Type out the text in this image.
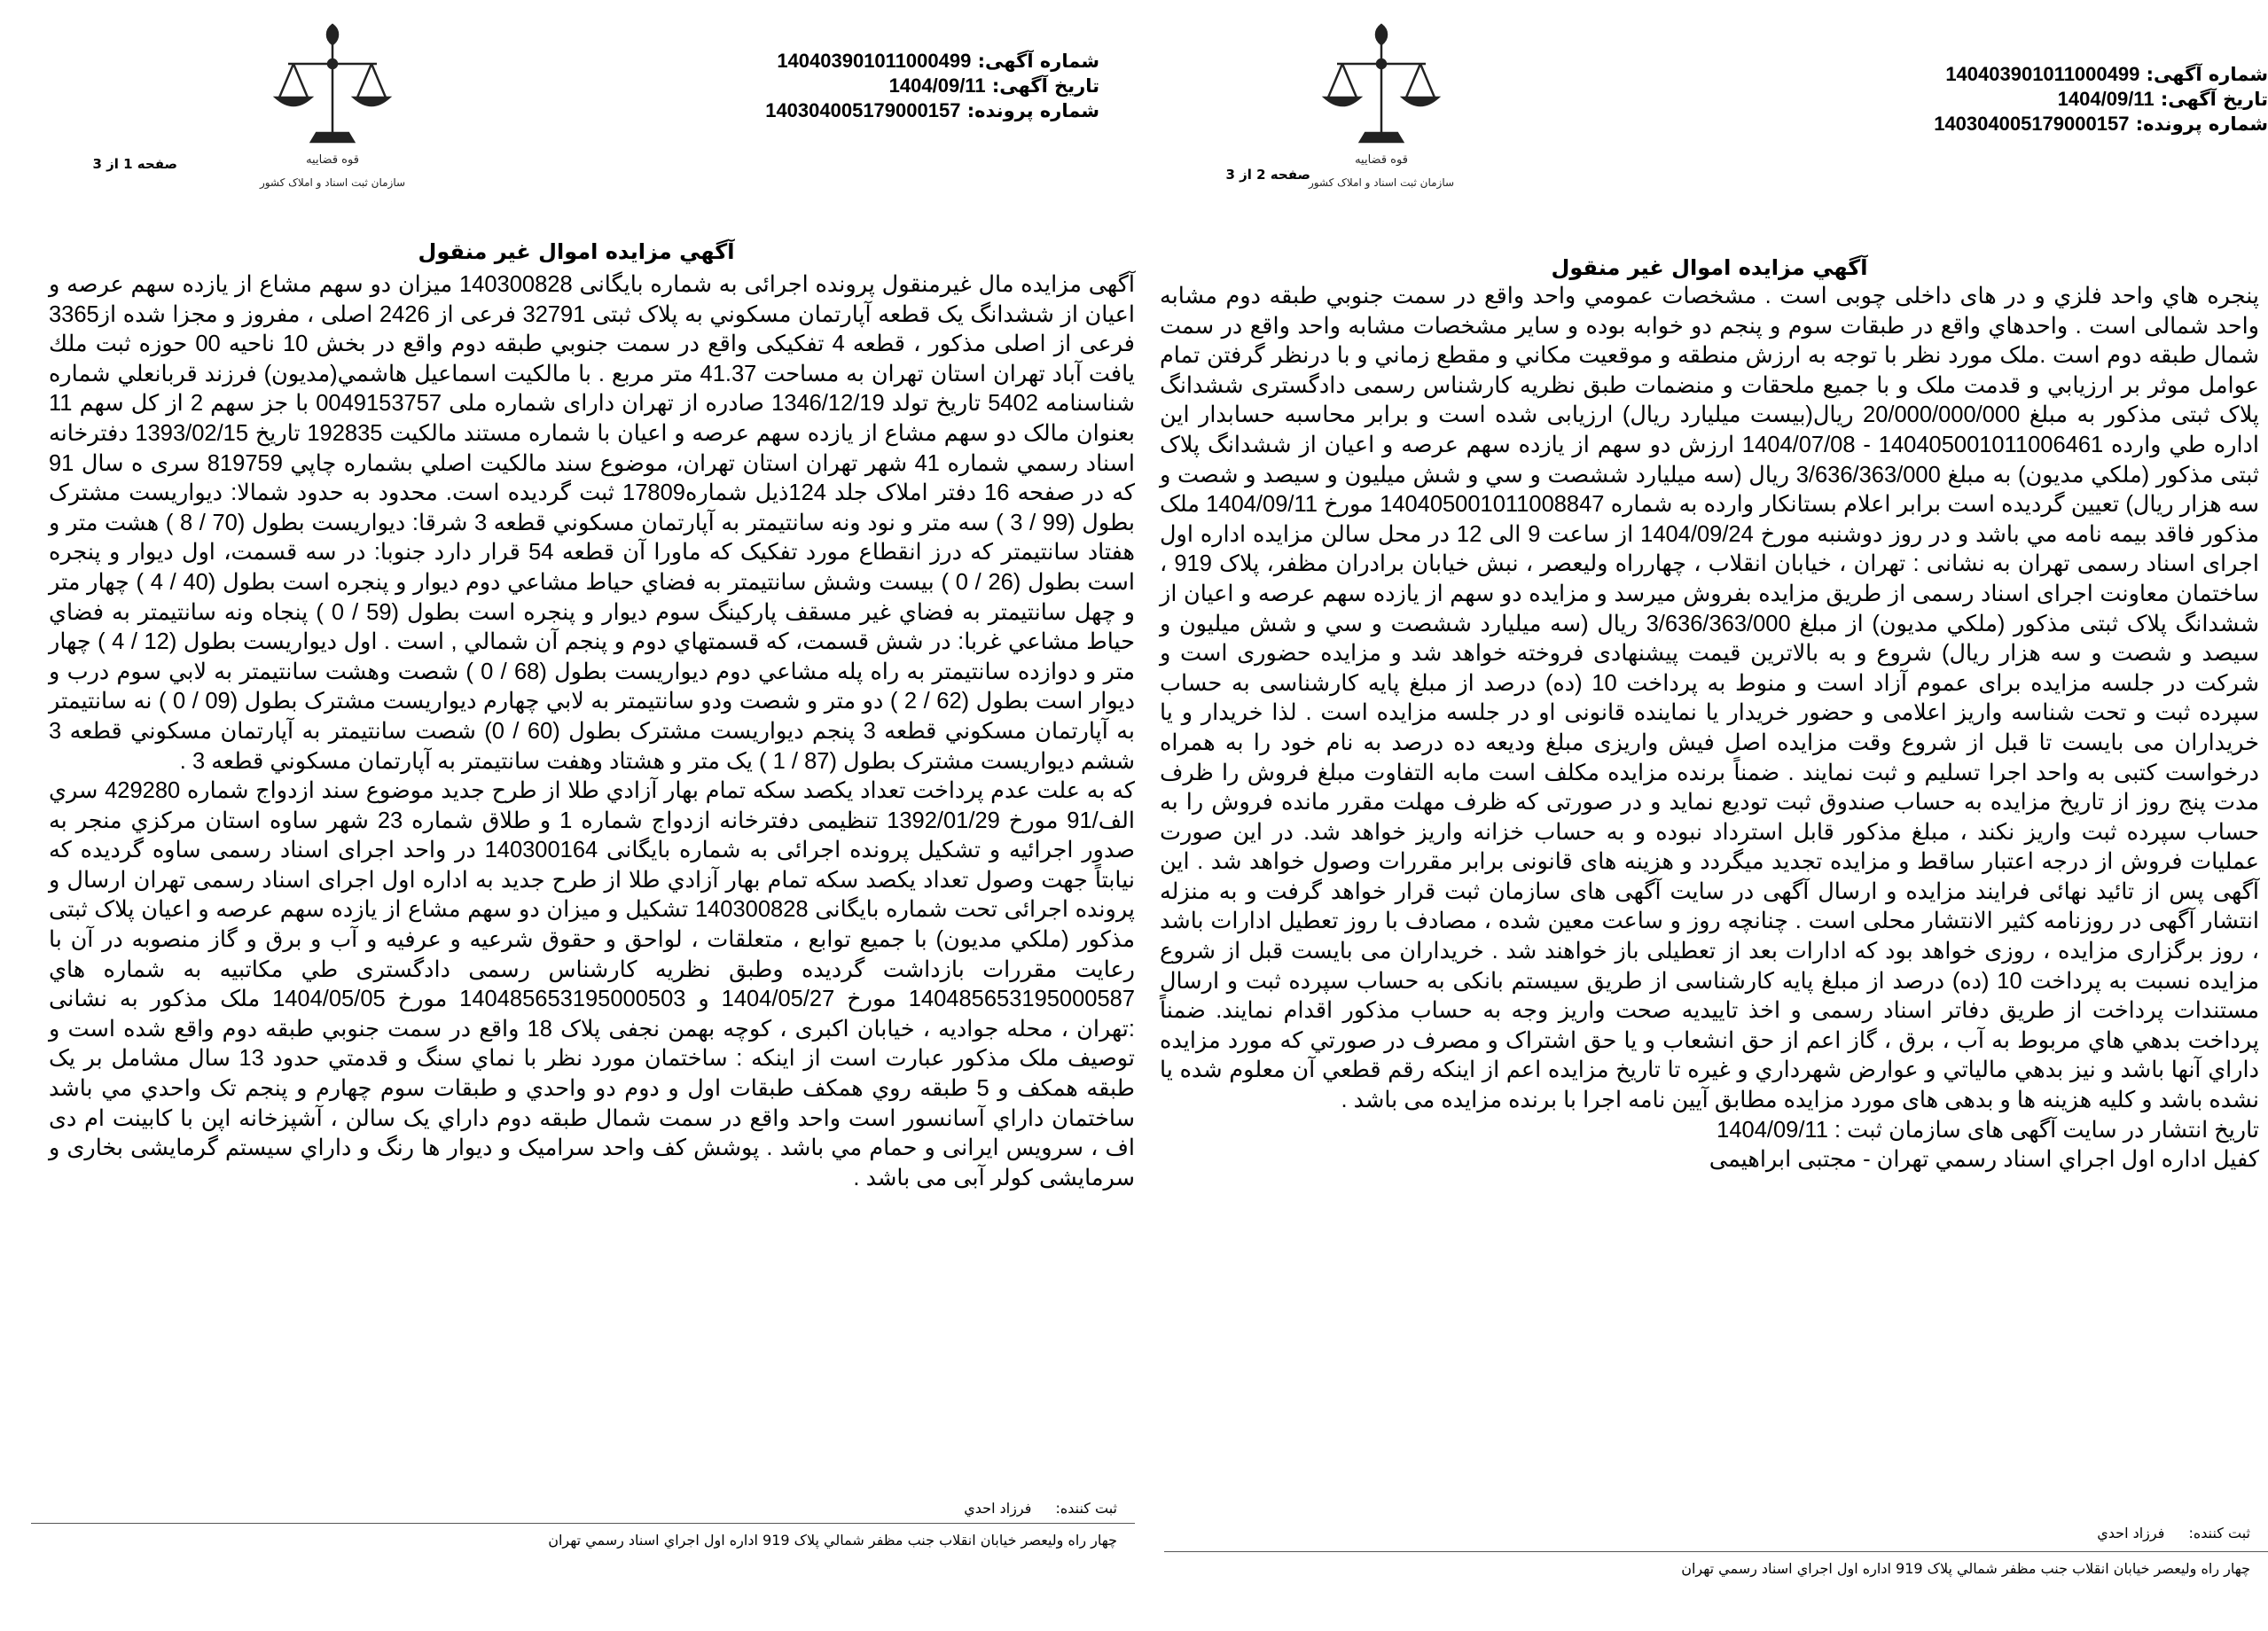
قوه قضاییه
سازمان ثبت اسناد و املاک کشور
شماره آگهی: 140403901011000499
تاریخ آگهی: 1404/09/11
شماره پرونده: 140304005179000157
صفحه 2 از 3
آگهي مزايده اموال غير منقول

پنجره هاي واحد فلزي و در های داخلی چوبی است . مشخصات عمومي واحد واقع در سمت جنوبي طبقه دوم مشابه واحد شمالی است . واحدهاي واقع در طبقات سوم و پنجم دو خوابه بوده و ساير مشخصات مشابه واحد واقع در سمت شمال طبقه دوم است .ملک مورد نظر با توجه به ارزش منطقه و موقعيت مکاني و مقطع زماني و با درنظر گرفتن تمام عوامل موثر بر ارزيابي و قدمت ملک و با جميع ملحقات و منضمات طبق نظريه کارشناس رسمی دادگستری ششدانگ پلاک ثبتی مذکور به مبلغ 20/000/000/000 ريال(بيست ميليارد ريال) ارزيابی شده است و برابر محاسبه حسابدار این اداره طي وارده 140405001011006461 - 1404/07/08 ارزش دو سهم از يازده سهم عرصه و اعيان از ششدانگ پلاک ثبتی مذکور (ملکي مديون) به مبلغ 3/636/363/000 ريال (سه ميليارد ششصت و سي و شش ميليون و سيصد و شصت و سه هزار ريال) تعيين گرديده است برابر اعلام بستانکار وارده به شماره 140405001011008847 مورخ 1404/09/11 ملک مذکور فاقد بيمه نامه مي باشد و در روز دوشنبه مورخ 1404/09/24 از ساعت 9 الی 12 در محل سالن مزايده اداره اول اجرای اسناد رسمی تهران به نشانی : تهران ، خيابان انقلاب ، چهارراه وليعصر ، نبش خيابان برادران مظفر، پلاک 919 ، ساختمان معاونت اجرای اسناد رسمی از طريق مزايده بفروش ميرسد و مزايده دو سهم از يازده سهم عرصه و اعيان از ششدانگ پلاک ثبتی مذکور (ملکي مديون) از مبلغ 3/636/363/000 ريال (سه ميليارد ششصت و سي و شش ميليون و سيصد و شصت و سه هزار ريال) شروع و به بالاترين قيمت پيشنهادی فروخته خواهد شد و مزایده حضوری است و شرکت در جلسه مزايده برای عموم آزاد است و منوط به پرداخت 10 (ده) درصد از مبلغ پایه کارشناسی به حساب سپرده ثبت و تحت شناسه واريز اعلامی و حضور خريدار يا نماينده قانونی او در جلسه مزايده است . لذا خريدار و يا خريداران می بايست تا قبل از شروع وقت مزايده اصل فيش واريزی مبلغ وديعه ده درصد به نام خود را به همراه درخواست کتبی به واحد اجرا تسليم و ثبت نمايند . ضمناً برنده مزايده مکلف است مابه التفاوت مبلغ فروش را ظرف مدت پنج روز از تاريخ مزايده به حساب صندوق ثبت توديع نمايد و در صورتی که ظرف مهلت مقرر مانده فروش را به حساب سپرده ثبت واريز نکند ، مبلغ مذکور قابل استرداد نبوده و به حساب خزانه واريز خواهد شد. در اين صورت عمليات فروش از درجه اعتبار ساقط و مزايده تجديد ميگردد و هزينه های قانونی برابر مقررات وصول خواهد شد . اين آگهی پس از تائيد نهائی فرايند مزايده و ارسال آگهی در سایت آگهی های سازمان ثبت قرار خواهد گرفت و به منزله انتشار آگهی در روزنامه کثير الانتشار محلی است . چنانچه روز و ساعت معين شده ، مصادف با روز تعطيل ادارات باشد ، روز برگزاری مزايده ، روزی خواهد بود که ادارات بعد از تعطيلی باز خواهند شد . خريداران می بايست قبل از شروع مزايده نسبت به پرداخت 10 (ده) درصد از مبلغ پايه کارشناسی از طريق سيستم بانکی به حساب سپرده ثبت و ارسال مستندات پرداخت از طريق دفاتر اسناد رسمی و اخذ تاييديه صحت واريز وجه به حساب مذکور اقدام نمايند. ضمناً پرداخت بدهي هاي مربوط به آب ، برق ، گاز اعم از حق انشعاب و يا حق اشتراک و مصرف در صورتي که مورد مزايده داراي آنها باشد و نيز بدهي مالياتي و عوارض شهرداري و غيره تا تاريخ مزايده اعم از اينکه رقم قطعي آن معلوم شده يا نشده باشد و کليه هزينه ها و بدهی های مورد مزايده مطابق آيين نامه اجرا با برنده مزايده می باشد .

تاريخ انتشار در سایت آگهی های سازمان ثبت : 1404/09/11

كفيل اداره اول اجراي اسناد رسمي تهران - مجتبی ابراهیمی

ثبت کننده: فرزاد احدي
چهار راه وليعصر خيابان انقلاب جنب مظفر شمالي پلاک 919 اداره اول اجراي اسناد رسمي تهران
قوه قضاییه
سازمان ثبت اسناد و املاک کشور
شماره آگهی: 140403901011000499
تاریخ آگهی: 1404/09/11
شماره پرونده: 140304005179000157
صفحه 1 از 3
آگهي مزايده اموال غير منقول

آگهی مزايده مال غيرمنقول پرونده اجرائی به شماره بايگانی 140300828 ميزان دو سهم مشاع از يازده سهم عرصه و اعيان از ششدانگ يک قطعه آپارتمان مسکوني به پلاک ثبتی 32791 فرعی از 2426 اصلی ، مفروز و مجزا شده از3365 فرعی از اصلی مذکور ، قطعه 4 تفکيکی واقع در سمت جنوبي طبقه دوم واقع در بخش 10 ناحيه 00 حوزه ثبت ملك يافت آباد تهران استان تهران به مساحت 41.37 متر مربع . با مالکيت اسماعيل هاشمي(مديون) فرزند قربانعلي شماره شناسنامه 5402 تاريخ تولد 1346/12/19 صادره از تهران دارای شماره ملی 0049153757 با جز سهم 2 از کل سهم 11 بعنوان مالک دو سهم مشاع از يازده سهم عرصه و اعيان با شماره مستند مالکيت 192835 تاريخ 1393/02/15 دفترخانه اسناد رسمي شماره 41 شهر تهران استان تهران، موضوع سند مالکيت اصلي بشماره چاپي 819759 سری ه سال 91 که در صفحه 16 دفتر املاک جلد 124ذيل شماره17809 ثبت گرديده است. محدود به حدود شمالا: ديواريست مشترک بطول (99 / 3 ) سه متر و نود ونه سانتيمتر به آپارتمان مسکوني قطعه 3 شرقا: ديواريست بطول (70 / 8 ) هشت متر و هفتاد سانتيمتر که درز انقطاع مورد تفکيک که ماورا آن قطعه 54 قرار دارد جنوبا: در سه قسمت، اول ديوار و پنجره است بطول (26 / 0 ) بيست وشش سانتيمتر به فضاي حياط مشاعي دوم ديوار و پنجره است بطول (40 / 4 ) چهار متر و چهل سانتيمتر به فضاي غير مسقف پارکينگ سوم ديوار و پنجره است بطول (59 / 0 ) پنجاه ونه سانتيمتر به فضاي حياط مشاعي غربا: در شش قسمت، که قسمتهاي دوم و پنجم آن شمالي , است . اول ديواريست بطول (12 / 4 ) چهار متر و دوازده سانتيمتر به راه پله مشاعي دوم ديواريست بطول (68 / 0 ) شصت وهشت سانتيمتر به لابي سوم درب و ديوار است بطول (62 / 2 ) دو متر و شصت ودو سانتيمتر به لابي چهارم ديواريست مشترک بطول (09 / 0 ) نه سانتيمتر به آپارتمان مسکوني قطعه 3 پنجم ديواريست مشترک بطول (60 / 0) شصت سانتيمتر به آپارتمان مسکوني قطعه 3 ششم ديواريست مشترک بطول (87 / 1 ) يک متر و هشتاد وهفت سانتيمتر به آپارتمان مسکوني قطعه 3 .

که به علت عدم پرداخت تعداد يکصد سکه تمام بهار آزادي طلا از طرح جديد موضوع سند ازدواج شماره 429280 سري الف/91 مورخ 1392/01/29 تنظيمی دفترخانه ازدواج شماره 1 و طلاق شماره 23 شهر ساوه استان مرکزي منجر به صدور اجرائيه و تشکيل پرونده اجرائی به شماره بايگانی 140300164 در واحد اجرای اسناد رسمی ساوه گرديده که نيابتاً جهت وصول تعداد يکصد سکه تمام بهار آزادي طلا از طرح جديد به اداره اول اجرای اسناد رسمی تهران ارسال و پرونده اجرائی تحت شماره بايگانی 140300828 تشکيل و ميزان دو سهم مشاع از يازده سهم عرصه و اعيان پلاک ثبتی مذکور (ملکي مديون) با جميع توابع ، متعلقات ، لواحق و حقوق شرعيه و عرفيه و آب و برق و گاز منصوبه در آن با رعايت مقررات بازداشت گرديده وطبق نظريه کارشناس رسمی دادگستری طي مکاتبيه به شماره هاي 140485653195000587 مورخ 1404/05/27 و 140485653195000503 مورخ 1404/05/05 ملک مذکور به نشانی :تهران ، محله جواديه ، خيابان اکبری ، کوچه بهمن نجفی پلاک 18 واقع در سمت جنوبي طبقه دوم واقع شده است و توصيف ملک مذکور عبارت است از اينکه : ساختمان مورد نظر با نماي سنگ و قدمتي حدود 13 سال مشامل بر يک طبقه همکف و 5 طبقه روي همکف طبقات اول و دوم دو واحدي و طبقات سوم چهارم و پنجم تک واحدي مي باشد ساختمان داراي آسانسور است واحد واقع در سمت شمال طبقه دوم داراي يک سالن ، آشپزخانه اپن با کابينت ام دی اف ، سرويس ايرانی و حمام مي باشد . پوشش کف واحد سراميک و ديوار ها رنگ و داراي سيستم گرمايشی بخاری و سرمايشی کولر آبی می باشد .

ثبت کننده: فرزاد احدي
چهار راه وليعصر خيابان انقلاب جنب مظفر شمالي پلاک 919 اداره اول اجراي اسناد رسمي تهران
